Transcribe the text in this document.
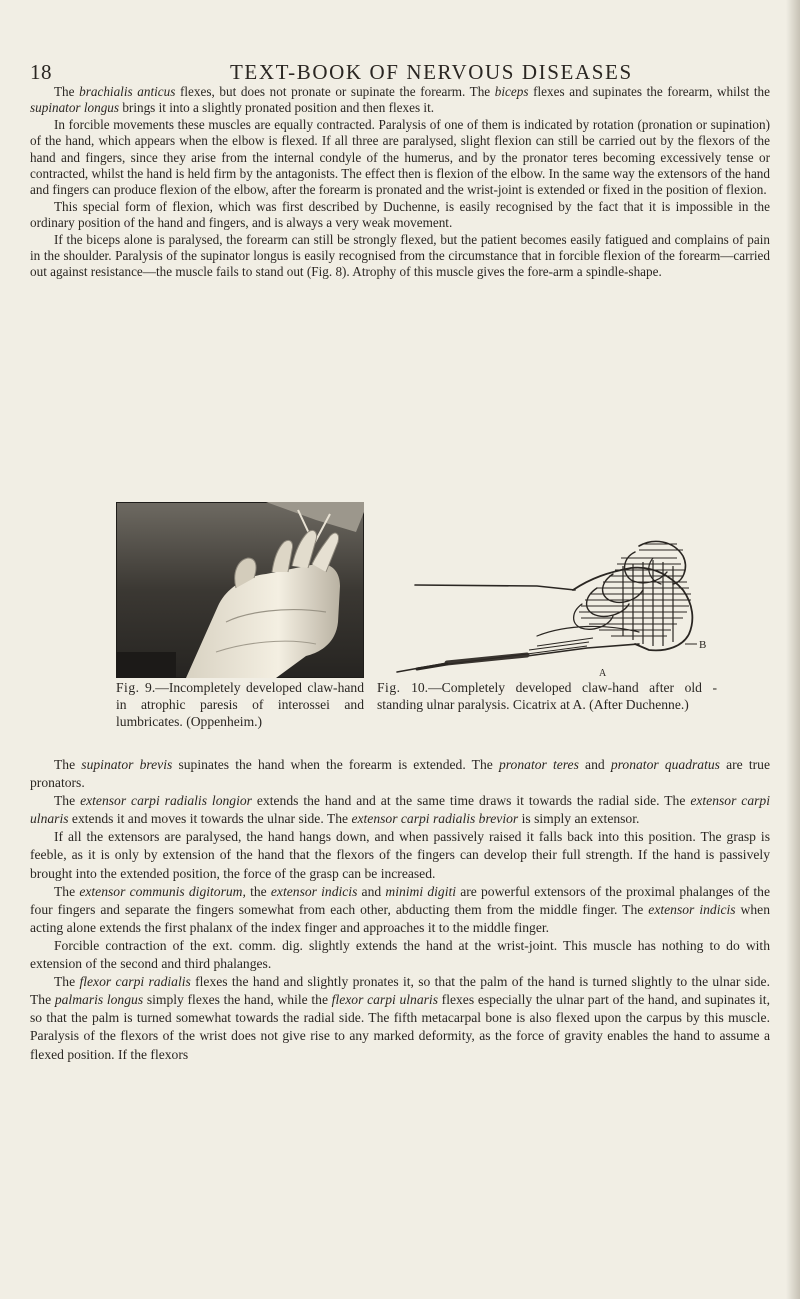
18	TEXT-BOOK OF NERVOUS DISEASES

The brachialis anticus flexes, but does not pronate or supinate the forearm. The biceps flexes and supinates the forearm, whilst the supinator longus brings it into a slightly pronated position and then flexes it.

In forcible movements these muscles are equally contracted. Paralysis of one of them is indicated by rotation (pronation or supination) of the hand, which appears when the elbow is flexed. If all three are paralysed, slight flexion can still be carried out by the flexors of the hand and fingers, since they arise from the internal condyle of the humerus, and by the pronator teres becoming excessively tense or contracted, whilst the hand is held firm by the antagonists. The effect then is flexion of the elbow. In the same way the extensors of the hand and fingers can produce flexion of the elbow, after the forearm is pronated and the wrist-joint is extended or fixed in the position of flexion.

This special form of flexion, which was first described by Duchenne, is easily recognised by the fact that it is impossible in the ordinary position of the hand and fingers, and is always a very weak movement.

If the biceps alone is paralysed, the forearm can still be strongly flexed, but the patient becomes easily fatigued and complains of pain in the shoulder. Paralysis of the supinator longus is easily recognised from the circumstance that in forcible flexion of the forearm—carried out against resistance—the muscle fails to stand out (Fig. 8). Atrophy of this muscle gives the fore-arm a spindle-shape.

B
A
Fig. 9.—Incompletely developed claw-hand in atrophic paresis of interossei and lumbricates. (Oppenheim.)
Fig. 10.—Completely developed claw-hand after old - standing ulnar paralysis. Cicatrix at A. (After Duchenne.)

The supinator brevis supinates the hand when the forearm is extended. The pronator teres and pronator quadratus are true pronators.

The extensor carpi radialis longior extends the hand and at the same time draws it towards the radial side. The extensor carpi ulnaris extends it and moves it towards the ulnar side. The extensor carpi radialis brevior is simply an extensor.

If all the extensors are paralysed, the hand hangs down, and when passively raised it falls back into this position. The grasp is feeble, as it is only by extension of the hand that the flexors of the fingers can develop their full strength. If the hand is passively brought into the extended position, the force of the grasp can be increased.

The extensor communis digitorum, the extensor indicis and minimi digiti are powerful extensors of the proximal phalanges of the four fingers and separate the fingers somewhat from each other, abducting them from the middle finger. The extensor indicis when acting alone extends the first phalanx of the index finger and approaches it to the middle finger.

Forcible contraction of the ext. comm. dig. slightly extends the hand at the wrist-joint. This muscle has nothing to do with extension of the second and third phalanges.

The flexor carpi radialis flexes the hand and slightly pronates it, so that the palm of the hand is turned slightly to the ulnar side. The palmaris longus simply flexes the hand, while the flexor carpi ulnaris flexes especially the ulnar part of the hand, and supinates it, so that the palm is turned somewhat towards the radial side. The fifth metacarpal bone is also flexed upon the carpus by this muscle. Paralysis of the flexors of the wrist does not give rise to any marked deformity, as the force of gravity enables the hand to assume a flexed position. If the flexors
